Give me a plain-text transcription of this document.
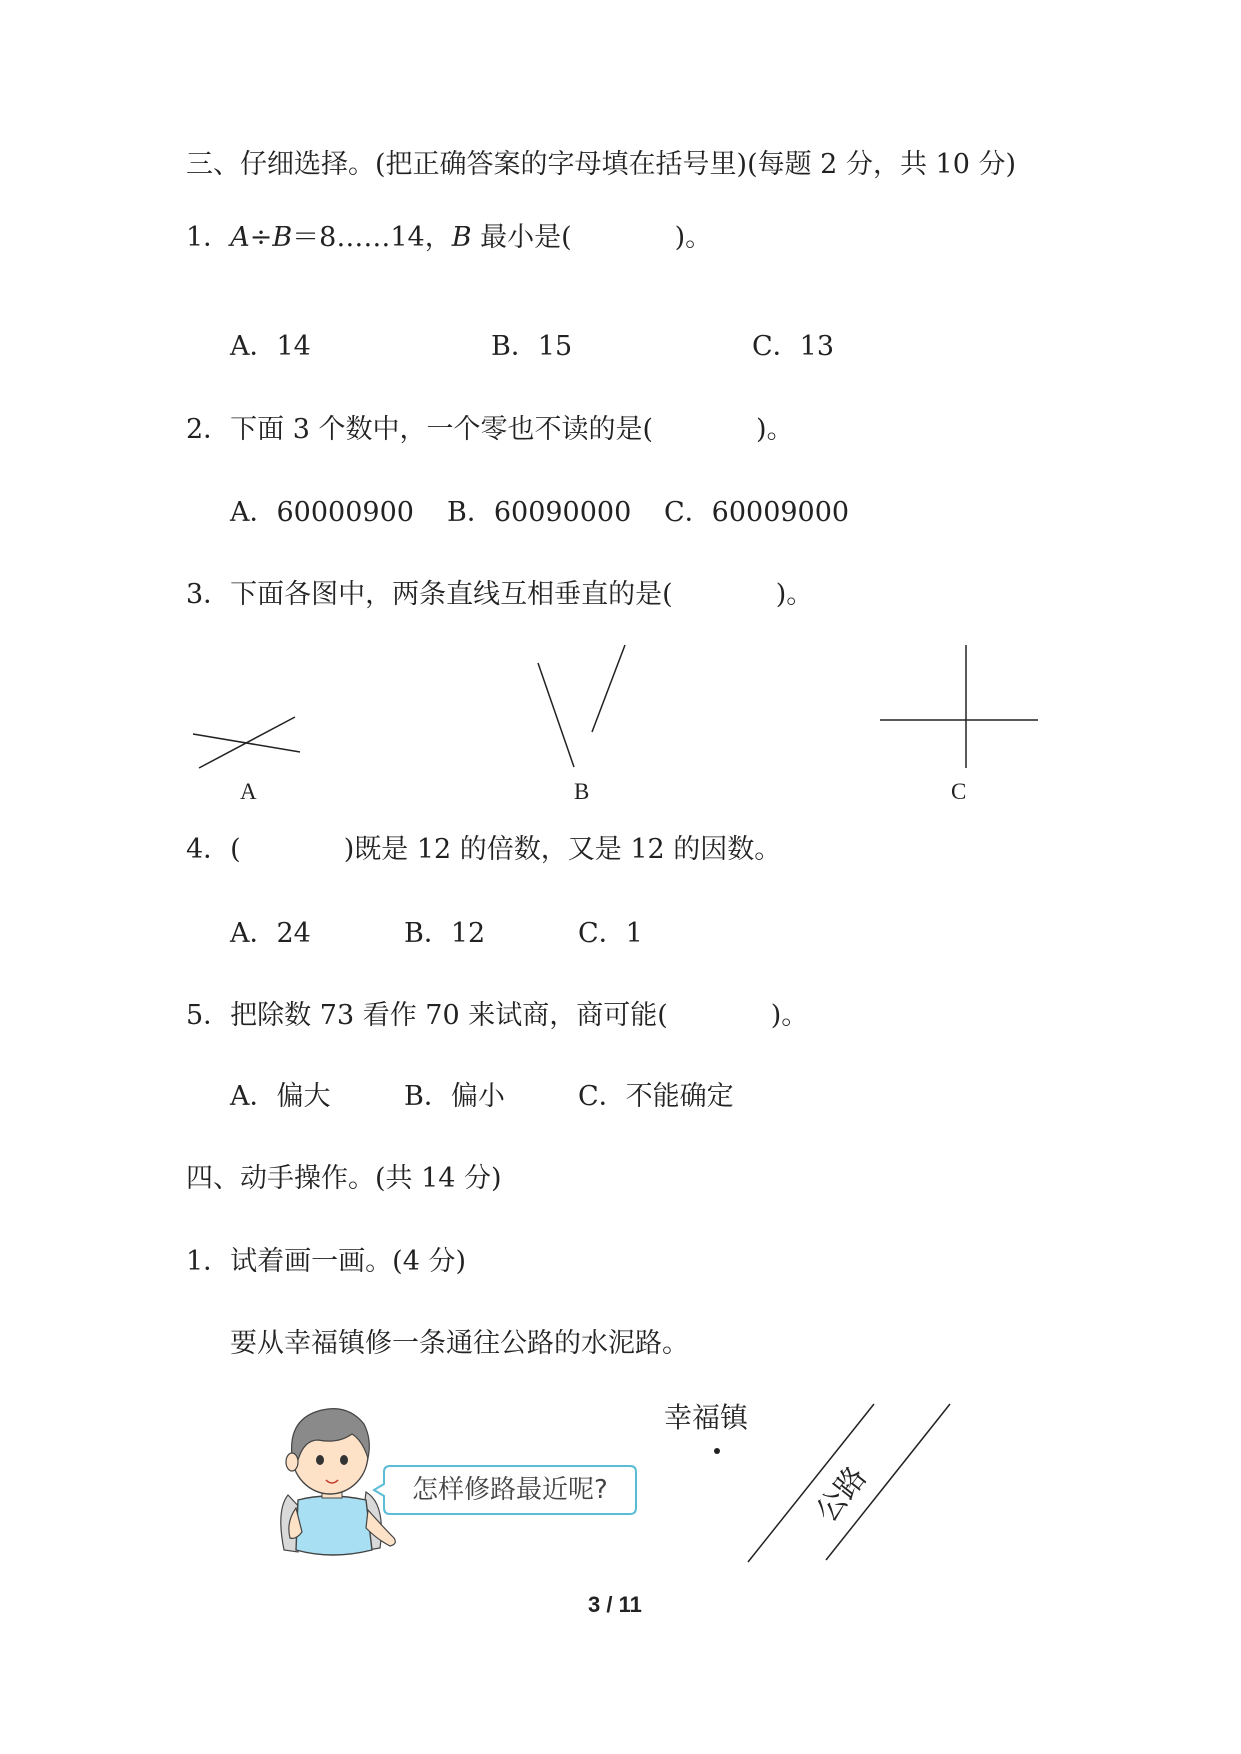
三、仔细选择。(把正确答案的字母填在括号里)(每题 2 分，共 10 分)
1．A÷B＝8……14，B 最小是(            )。
A．14	B．15	C．13
2．下面 3 个数中，一个零也不读的是(            )。
A．60000900 B．60090000 C．60009000
3．下面各图中，两条直线互相垂直的是(            )。
A	B	C
4．(            )既是 12 的倍数，又是 12 的因数。
A．24	B．12	C．1
5．把除数 73 看作 70 来试商，商可能(            )。
A．偏大	B．偏小	C．不能确定
四、动手操作。(共 14 分)
1．试着画一画。(4 分)
要从幸福镇修一条通往公路的水泥路。
怎样修路最近呢?
幸福镇
公路
3 / 11
